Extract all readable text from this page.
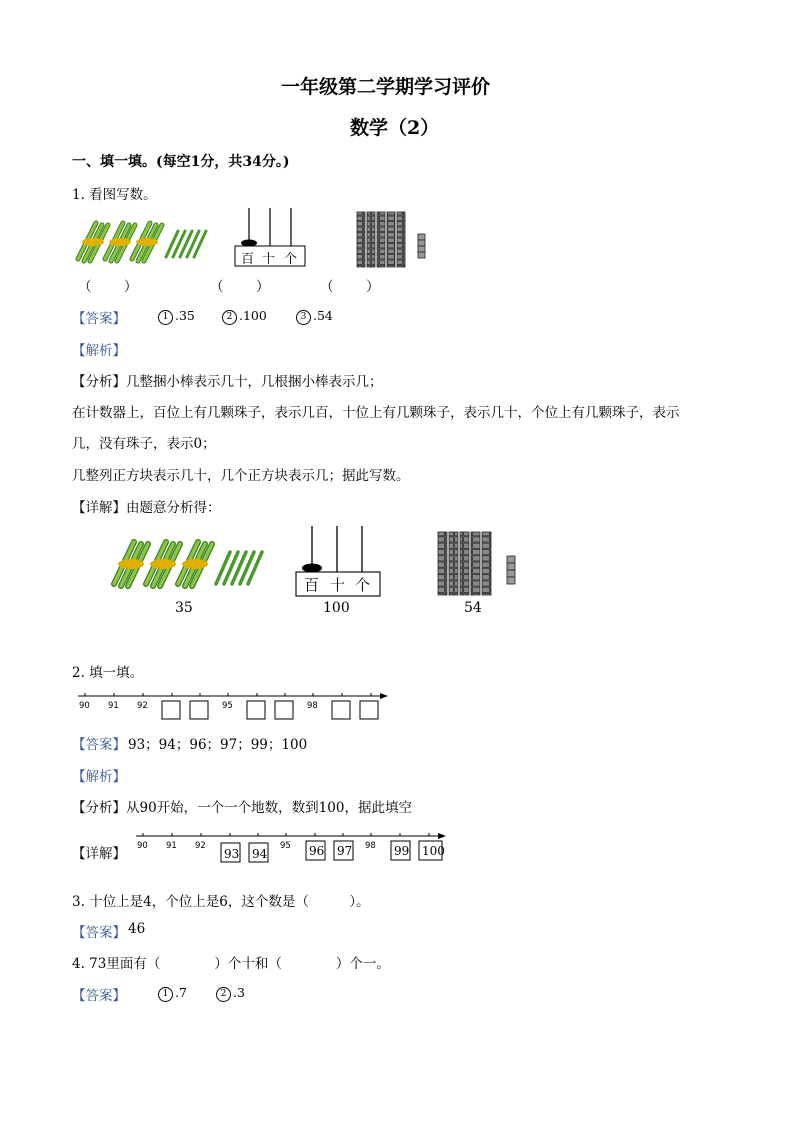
一年级第二学期学习评价
数学（2）
一、填一填。(每空1分，共34分。)
1. 看图写数。
百 十 个
（ ）	（ ）	（ ）
【答案】	1 .35	2 .100	3 .54
【解析】
【分析】几整捆小棒表示几十，几根捆小棒表示几；
在计数器上，百位上有几颗珠子，表示几百，十位上有几颗珠子，表示几十，个位上有几颗珠子，表示
几，没有珠子，表示0；
几整列正方块表示几十，几个正方块表示几；据此写数。
【详解】由题意分析得：
百 十 个
35	100	54
2. 填一填。
90 91 92	95	98
【答案】 93；94；96；97；99；100
【解析】
【分析】从90开始，一个一个地数，数到100，据此填空
【详解】 90 91 92	95	98
93 94	96 97	99 100
3. 十位上是4，个位上是6，这个数是（　　　）。
【答案】 46
4. 73里面有（　　　　）个十和（　　　　）个一。
【答案】	1 .7	2 .3
